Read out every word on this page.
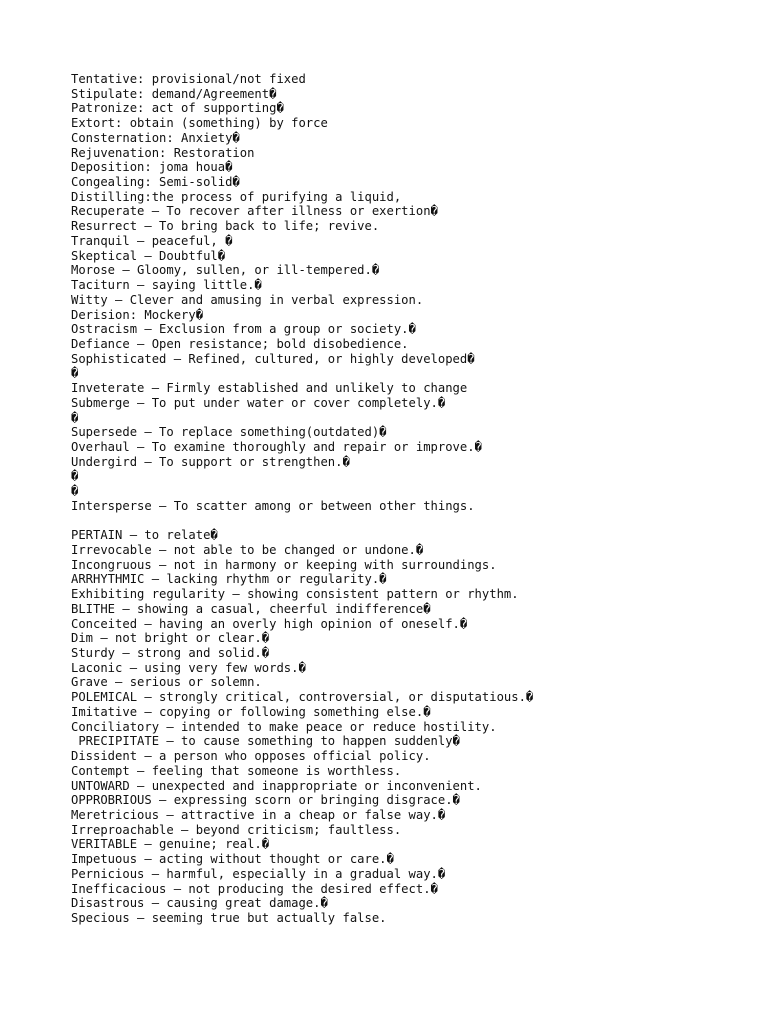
Tentative: provisional/not fixed
Stipulate: demand/Agreement�
Patronize: act of supporting�
Extort: obtain (something) by force
Consternation: Anxiety�
Rejuvenation: Restoration
Deposition: joma houa�
Congealing: Semi-solid�
Distilling:the process of purifying a liquid,
Recuperate – To recover after illness or exertion�
Resurrect – To bring back to life; revive.
Tranquil – peaceful, �
Skeptical – Doubtful�
Morose – Gloomy, sullen, or ill-tempered.�
Taciturn – saying little.�
Witty – Clever and amusing in verbal expression.
Derision: Mockery�
Ostracism – Exclusion from a group or society.�
Defiance – Open resistance; bold disobedience.
Sophisticated – Refined, cultured, or highly developed�
�
Inveterate – Firmly established and unlikely to change
Submerge – To put under water or cover completely.�
�
Supersede – To replace something(outdated)�
Overhaul – To examine thoroughly and repair or improve.�
Undergird – To support or strengthen.�
�
�
Intersperse – To scatter among or between other things.
PERTAIN – to relate�
Irrevocable – not able to be changed or undone.�
Incongruous – not in harmony or keeping with surroundings.
ARRHYTHMIC – lacking rhythm or regularity.�
Exhibiting regularity – showing consistent pattern or rhythm.
BLITHE – showing a casual, cheerful indifference�
Conceited – having an overly high opinion of oneself.�
Dim – not bright or clear.�
Sturdy – strong and solid.�
Laconic – using very few words.�
Grave – serious or solemn.
POLEMICAL – strongly critical, controversial, or disputatious.�
Imitative – copying or following something else.�
Conciliatory – intended to make peace or reduce hostility.
PRECIPITATE – to cause something to happen suddenly�
Dissident – a person who opposes official policy.
Contempt – feeling that someone is worthless.
UNTOWARD – unexpected and inappropriate or inconvenient.
OPPROBRIOUS – expressing scorn or bringing disgrace.�
Meretricious – attractive in a cheap or false way.�
Irreproachable – beyond criticism; faultless.
VERITABLE – genuine; real.�
Impetuous – acting without thought or care.�
Pernicious – harmful, especially in a gradual way.�
Inefficacious – not producing the desired effect.�
Disastrous – causing great damage.�
Specious – seeming true but actually false.
